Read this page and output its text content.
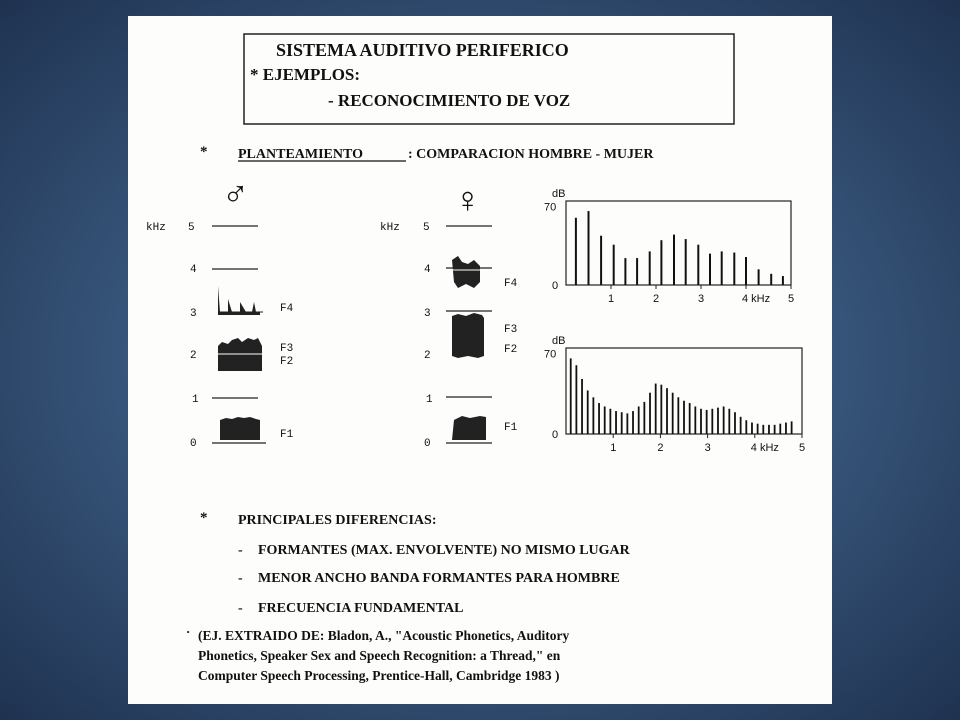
SISTEMA AUDITIVO PERIFERICO
* EJEMPLOS:
- RECONOCIMIENTO DE VOZ
* PLANTEAMIENTO	: COMPARACION HOMBRE - MUJER
♂	♀
kHz 5
4
3
2
1
0
F4
F3
F2
F1
kHz 5
4
3
2
1
0
F4
F3
F2
F1
dB
70
0
1	2	3	4 kHz 5
dB
70
0
1	2	3	4 kHz 5
* PRINCIPALES DIFERENCIAS:
- FORMANTES (MAX. ENVOLVENTE) NO MISMO LUGAR
- MENOR ANCHO BANDA FORMANTES PARA HOMBRE
- FRECUENCIA FUNDAMENTAL
· (EJ. EXTRAIDO DE: Bladon, A., "Acoustic Phonetics, Auditory
Phonetics, Speaker Sex and Speech Recognition: a Thread," en
Computer Speech Processing, Prentice-Hall, Cambridge 1983 )
